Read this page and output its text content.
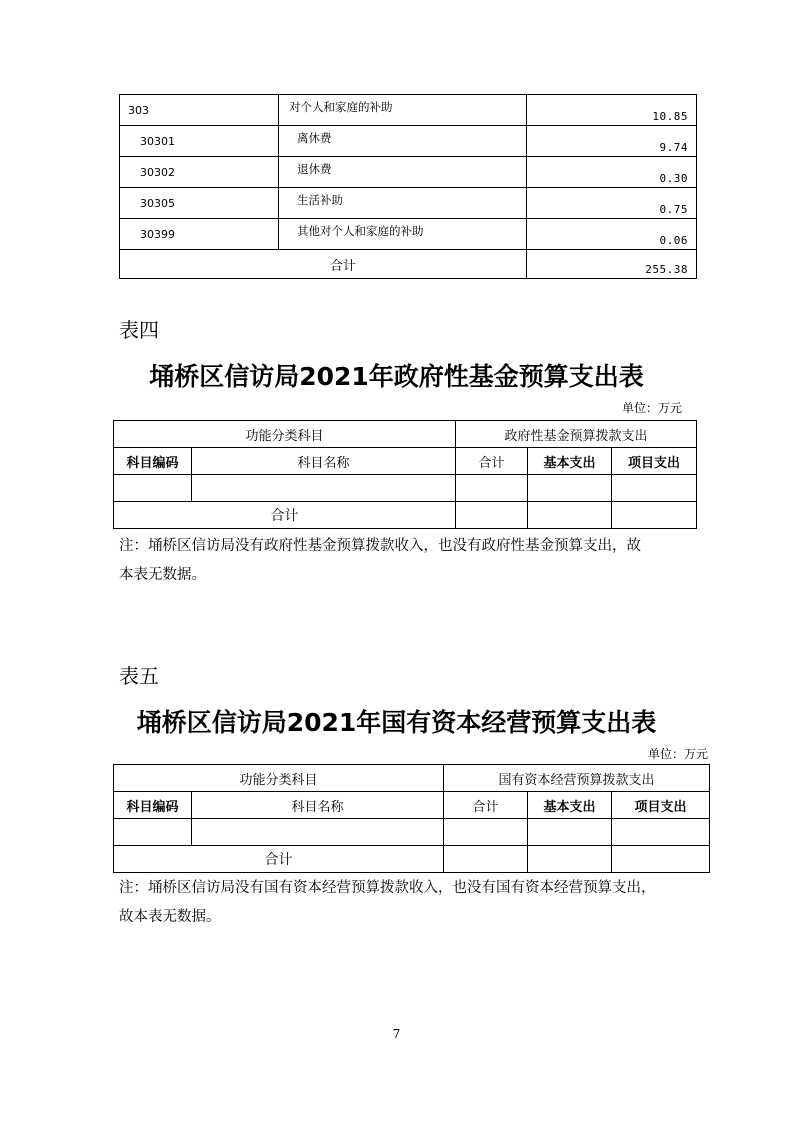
303	对个人和家庭的补助	10.85
30301	离休费	9.74
30302	退休费	0.30
30305	生活补助	0.75
30399	其他对个人和家庭的补助	0.06
合计		255.38
表四
埇桥区信访局2021年政府性基金预算支出表
单位：万元
功能分类科目		政府性基金预算拨款支出		
科目编码	科目名称	合计	基本支出	项目支出

合计				
注：埇桥区信访局没有政府性基金预算拨款收入，也没有政府性基金预算支出，故
本表无数据。
表五
埇桥区信访局2021年国有资本经营预算支出表
单位：万元
功能分类科目		国有资本经营预算拨款支出		
科目编码	科目名称	合计	基本支出	项目支出

合计				
注：埇桥区信访局没有国有资本经营预算拨款收入，也没有国有资本经营预算支出，
故本表无数据。
7
